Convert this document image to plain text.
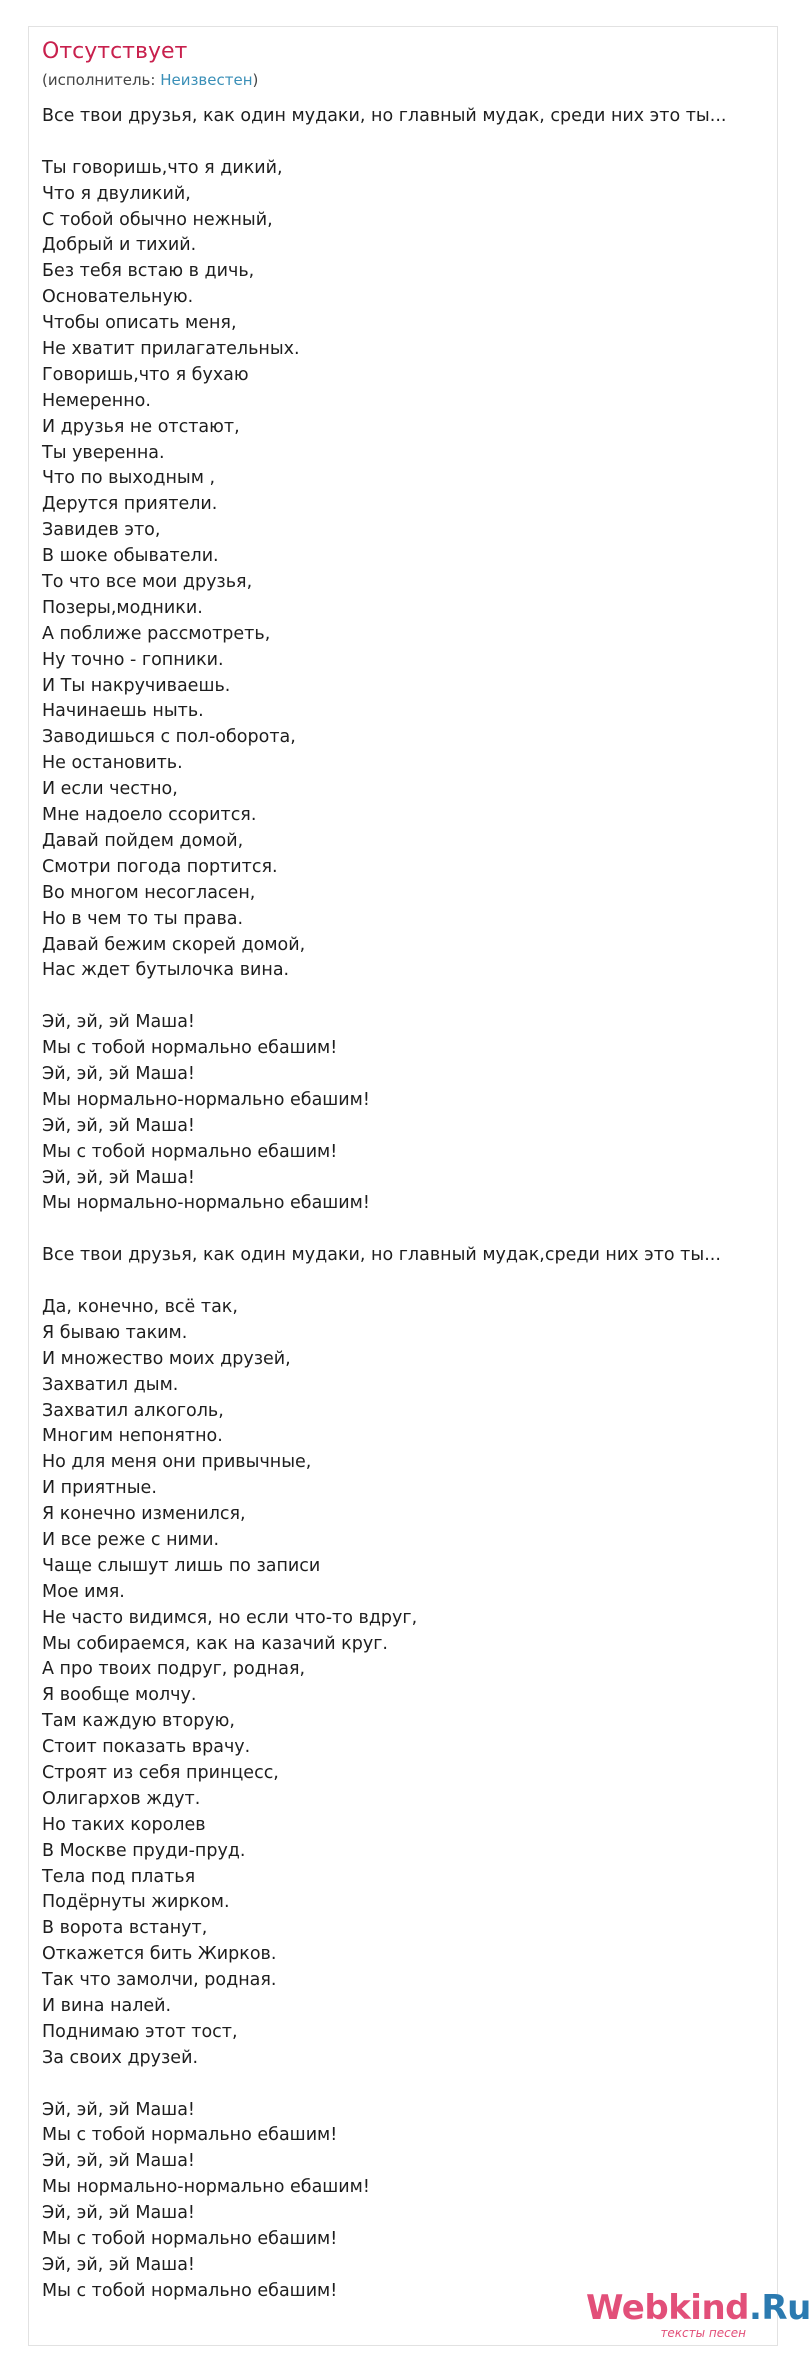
Отсутствует
(исполнитель: Неизвестен)
Все твои друзья, как один мудаки, но главный мудак, среди них это ты...
Ты говоришь,что я дикий,
Что я двуликий,
С тобой обычно нежный,
Добрый и тихий.
Без тебя встаю в дичь,
Основательную.
Чтобы описать меня,
Не хватит прилагательных.
Говоришь,что я бухаю
Немеренно.
И друзья не отстают,
Ты уверенна.
Что по выходным ,
Дерутся приятели.
Завидев это,
В шоке обыватели.
То что все мои друзья,
Позеры,модники.
А поближе рассмотреть,
Ну точно - гопники.
И Ты накручиваешь.
Начинаешь ныть.
Заводишься с пол-оборота,
Не остановить.
И если честно,
Мне надоело ссорится.
Давай пойдем домой,
Смотри погода портится.
Во многом несогласен,
Но в чем то ты права.
Давай бежим скорей домой,
Нас ждет бутылочка вина.
Эй, эй, эй Маша!
Мы с тобой нормально ебашим!
Эй, эй, эй Маша!
Мы нормально-нормально ебашим!
Эй, эй, эй Маша!
Мы с тобой нормально ебашим!
Эй, эй, эй Маша!
Мы нормально-нормально ебашим!
Все твои друзья, как один мудаки, но главный мудак,среди них это ты...
Да, конечно, всё так,
Я бываю таким.
И множество моих друзей,
Захватил дым.
Захватил алкоголь,
Многим непонятно.
Но для меня они привычные,
И приятные.
Я конечно изменился,
И все реже с ними.
Чаще слышут лишь по записи
Мое имя.
Не часто видимся, но если что-то вдруг,
Мы собираемся, как на казачий круг.
А про твоих подруг, родная,
Я вообще молчу.
Там каждую вторую,
Стоит показать врачу.
Строят из себя принцесс,
Олигархов ждут.
Но таких королев
В Москве пруди-пруд.
Тела под платья
Подёрнуты жирком.
В ворота встанут,
Откажется бить Жирков.
Так что замолчи, родная.
И вина налей.
Поднимаю этот тост,
За своих друзей.
Эй, эй, эй Маша!
Мы с тобой нормально ебашим!
Эй, эй, эй Маша!
Мы нормально-нормально ебашим!
Эй, эй, эй Маша!
Мы с тобой нормально ебашим!
Эй, эй, эй Маша!
Мы с тобой нормально ебашим!	Webkind.Ru
тексты песен
